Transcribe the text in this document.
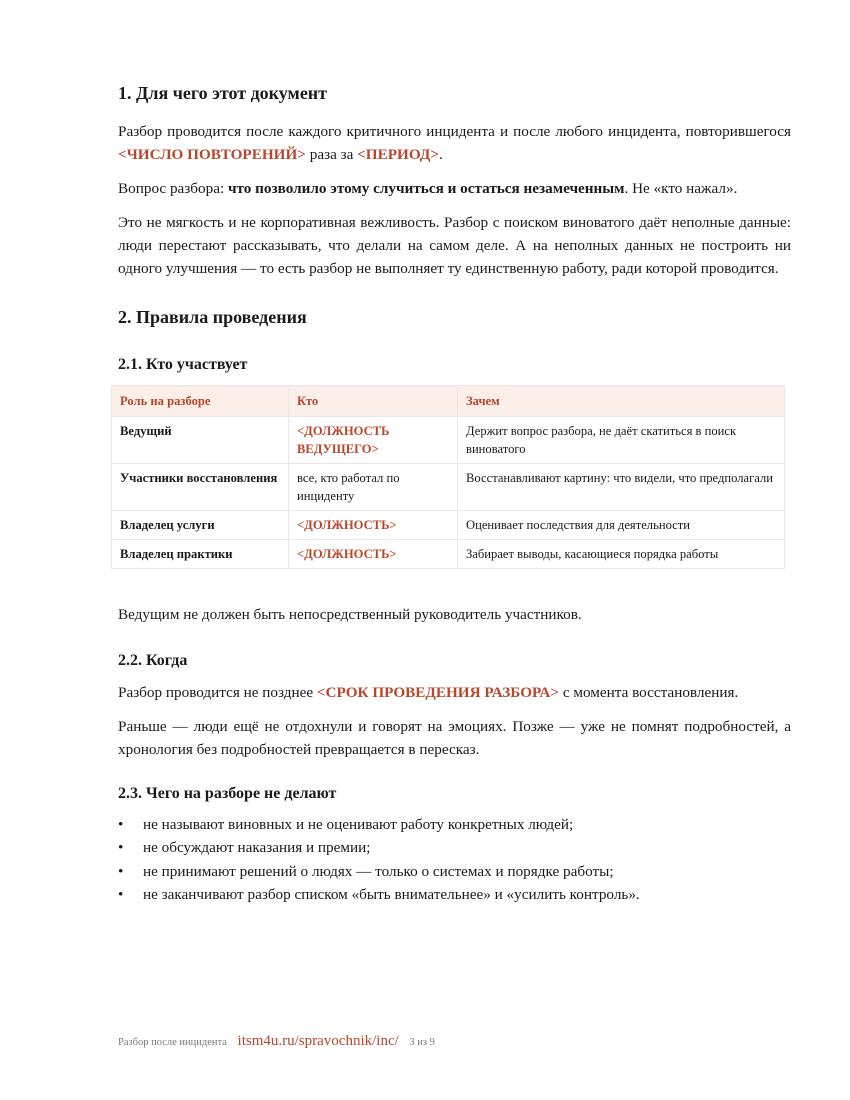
1. Для чего этот документ

Разбор проводится после каждого критичного инцидента и после любого инцидента, повторившегося <ЧИСЛО ПОВТОРЕНИЙ> раза за <ПЕРИОД>.

Вопрос разбора: что позволило этому случиться и остаться незамеченным. Не «кто нажал».

Это не мягкость и не корпоративная вежливость. Разбор с поиском виноватого даёт неполные данные: люди перестают рассказывать, что делали на самом деле. А на неполных данных не построить ни одного улучшения — то есть разбор не выполняет ту единственную работу, ради которой проводится.

2. Правила проведения
2.1. Кто участвует
Роль на разборе	Кто	Зачем
Ведущий	<ДОЛЖНОСТЬ ВЕДУЩЕГО>	Держит вопрос разбора, не даёт скатиться в поиск виноватого
Участники восстановления	все, кто работал по инциденту	Восстанавливают картину: что видели, что предполагали
Владелец услуги	<ДОЛЖНОСТЬ>	Оценивает последствия для деятельности
Владелец практики	<ДОЛЖНОСТЬ>	Забирает выводы, касающиеся порядка работы

Ведущим не должен быть непосредственный руководитель участников.

2.2. Когда

Разбор проводится не позднее <СРОК ПРОВЕДЕНИЯ РАЗБОРА> с момента восстановления.

Раньше — люди ещё не отдохнули и говорят на эмоциях. Позже — уже не помнят подробностей, а хронология без подробностей превращается в пересказ.

2.3. Чего на разборе не делают
• не называют виновных и не оценивают работу конкретных людей;
• не обсуждают наказания и премии;
• не принимают решений о людях — только о системах и порядке работы;
• не заканчивают разбор списком «быть внимательнее» и «усилить контроль».
Разбор после инцидента itsm4u.ru/spravochnik/inc/ 3 из 9
